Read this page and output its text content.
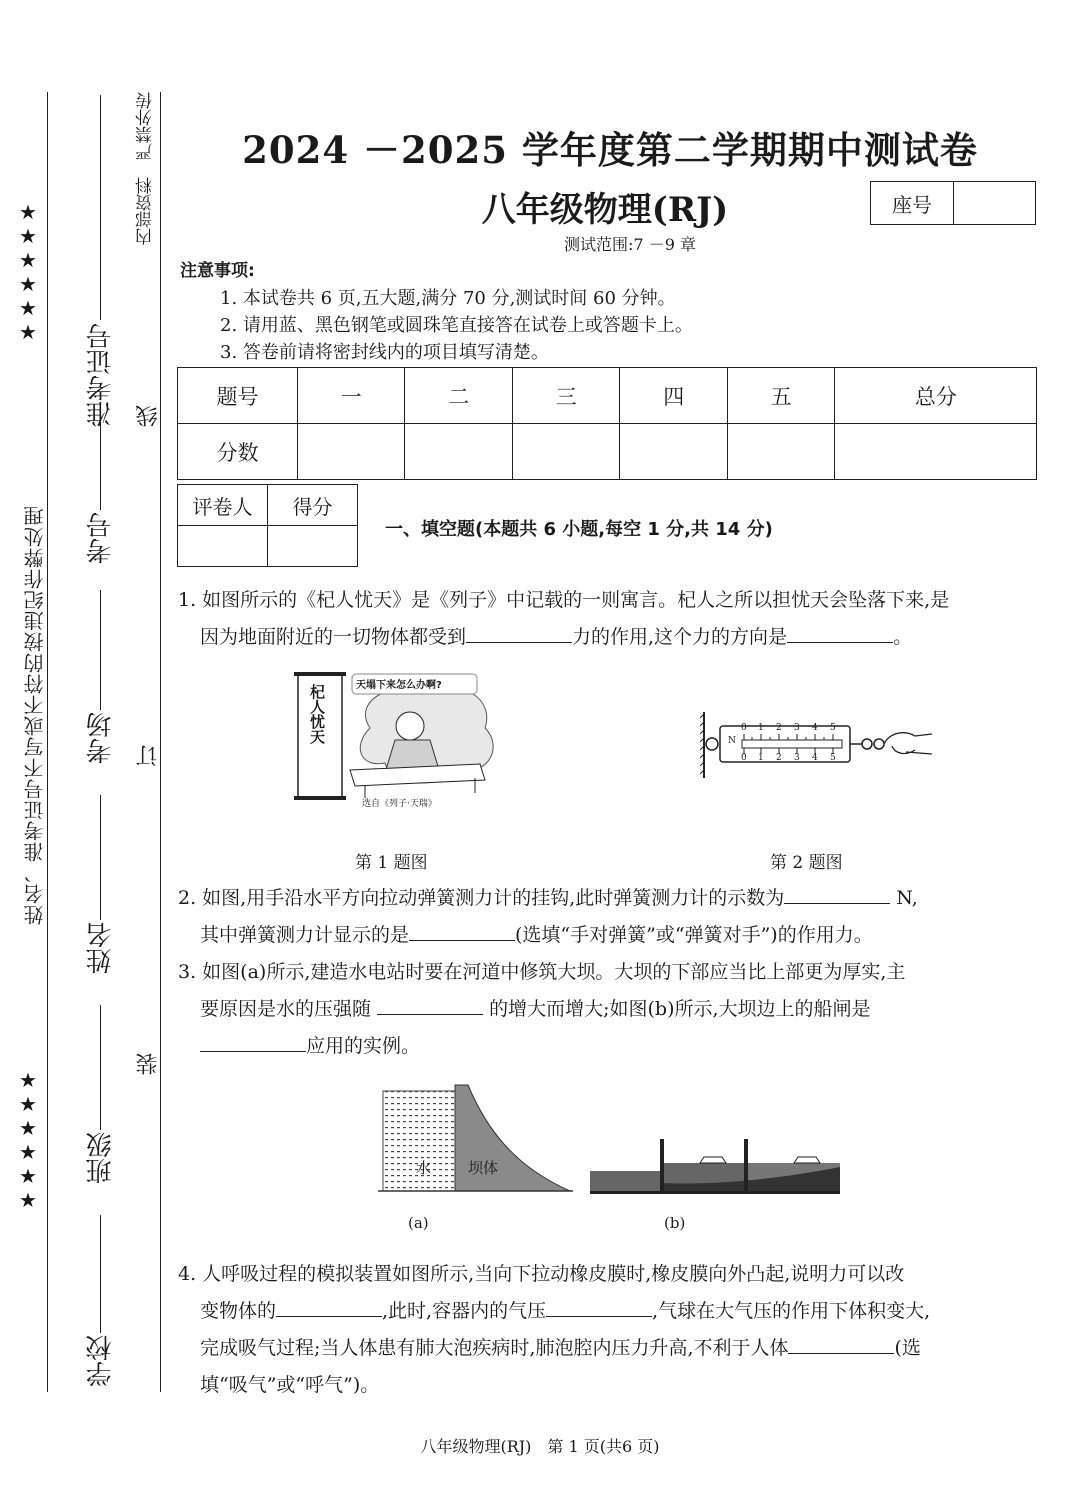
★★★★★★
★★★★★★
姓名、准考证号不写或不符的按违纪作弊处理
准考证号
考号
考场
姓名
班级
学校
内部资料　严禁外传
线
订
装
2024 －2025 学年度第二学期期中测试卷
八年级物理(RJ)	座号
测试范围:7 －9 章
注意事项:
1. 本试卷共 6 页,五大题,满分 70 分,测试时间 60 分钟。
2. 请用蓝、黑色钢笔或圆珠笔直接答在试卷上或答题卡上。
3. 答卷前请将密封线内的项目填写清楚。
题号	一	二	三	四	五	总分
分数						
评卷人	得分

一、填空题(本题共 6 小题,每空 1 分,共 14 分)
1. 如图所示的《杞人忧天》是《列子》中记载的一则寓言。杞人之所以担忧天会坠落下来,是
因为地面附近的一切物体都受到	力的作用,这个力的方向是	。
杞人忧天	天塌下来怎么办啊?
选自《列子·天瑞》
第 1 题图
N
0 1 2 3 4 5
0 1 2 3 4 5
第 2 题图
2. 如图,用手沿水平方向拉动弹簧测力计的挂钩,此时弹簧测力计的示数为	N,
其中弹簧测力计显示的是	(选填“手对弹簧”或“弹簧对手”)的作用力。
3. 如图(a)所示,建造水电站时要在河道中修筑大坝。大坝的下部应当比上部更为厚实,主
要原因是水的压强随	的增大而增大;如图(b)所示,大坝边上的船闸是
应用的实例。
水 坝体
(a)	(b)
4. 人呼吸过程的模拟装置如图所示,当向下拉动橡皮膜时,橡皮膜向外凸起,说明力可以改
变物体的	,此时,容器内的气压	,气球在大气压的作用下体积变大,
完成吸气过程;当人体患有肺大泡疾病时,肺泡腔内压力升高,不利于人体	(选
填“吸气”或“呼气”)。
八年级物理(RJ)　第 1 页(共6 页)
